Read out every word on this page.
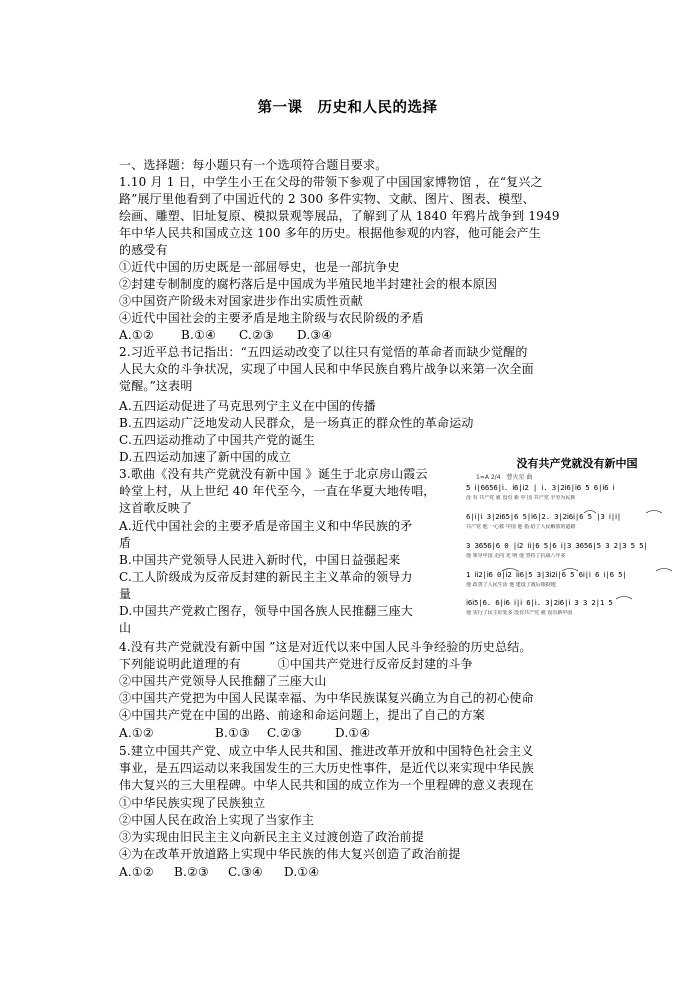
第一课　历史和人民的选择
一、选择题：每小题只有一个选项符合题目要求。
1.10 月 1 日，中学生小王在父母的带领下参观了中国国家博物馆 ，在“复兴之
路”展厅里他看到了中国近代的 2 300 多件实物、文献、图片、图表、模型、
绘画、雕塑、旧址复原、模拟景观等展品，了解到了从 1840 年鸦片战争到 1949
年中华人民共和国成立这 100 多年的历史。根据他参观的内容，他可能会产生
的感受有
①近代中国的历史既是一部屈辱史，也是一部抗争史
②封建专制制度的腐朽落后是中国成为半殖民地半封建社会的根本原因
③中国资产阶级未对国家进步作出实质性贡献
④近代中国社会的主要矛盾是地主阶级与农民阶级的矛盾
A.①② B.①④ C.②③ D.③④
2.习近平总书记指出：“五四运动改变了以往只有觉悟的革命者而缺少觉醒的
人民大众的斗争状况，实现了中国人民和中华民族自鸦片战争以来第一次全面
觉醒。”这表明
A.五四运动促进了马克思列宁主义在中国的传播
B.五四运动广泛地发动人民群众，是一场真正的群众性的革命运动
C.五四运动推动了中国共产党的诞生
D.五四运动加速了新中国的成立
3.歌曲《没有共产党就没有新中国 》诞生于北京房山霞云
岭堂上村，从上世纪 40 年代至今，一直在华夏大地传唱，
这首歌反映了
A.近代中国社会的主要矛盾是帝国主义和中华民族的矛
盾
B.中国共产党领导人民进入新时代，中国日益强起来
C.工人阶级成为反帝反封建的新民主主义革命的领导力
量
D.中国共产党救亡图存，领导中国各族人民推翻三座大
山
4.没有共产党就没有新中国 ”这是对近代以来中国人民斗争经验的历史总结。
下列能说明此道理的有　　　①中国共产党进行反帝反封建的斗争
②中国共产党领导人民推翻了三座大山
③中国共产党把为中国人民谋幸福、为中华民族谋复兴确立为自己的初心使命
④中国共产党在中国的出路、前途和命运问题上，提出了自己的方案
A.①②	B.①③ C.②③	D.①④
5.建立中国共产党、成立中华人民共和国、推进改革开放和中国特色社会主义
事业，是五四运动以来我国发生的三大历史性事件，是近代以来实现中华民族
伟大复兴的三大里程碑。中华人民共和国的成立作为一个里程碑的意义表现在
①中华民族实现了民族独立
②中国人民在政治上实现了当家作主
③为实现由旧民主主义向新民主主义过渡创造了政治前提
④为在改革开放道路上实现中华民族的伟大复兴创造了政治前提
A.①② B.②③ C.③④ D.①④
没有共产党就没有新中国
1=A 2/4　曹火星 曲
5 ⅰ|6656|ⅰ. ⅰ6|ⅰ2 | ⅰ. 3|2ⅰ6|ⅰ6 5 6|ⅰ6 ⅰ
没 有 共产党 就 没有 新 中 国 共产党 辛劳为民族
6|ⅰ|ⅰ 3|2ⅰ65|6 5|ⅰ6|2. 3|2ⅰ6ⅰ|6 5 |3 ⅰ|ⅰ|
共产党 他 一心救 中国 他 指 给了人民解放的道路
3 3656|6 0 |ⅰ2 ⅰⅰ|6 5|6 ⅰ|3 3656|5 3 2|3 5 5|
他 领导中国 走向 光 明 他 坚持了抗战八年多
1 ⅰⅰ2|ⅰ6 0|ⅰ2 ⅰⅰ6|5 3|3ⅰ2ⅰ|6 5 6ⅰ|ⅰ 6 ⅰ|6 5|
他 改善了人民生活 他 建设了敌后根据地
ⅰ6ⅰ5|6. 6|ⅰ6 ⅰ|ⅰ 6|ⅰ. 3|2ⅰ6|ⅰ 3 3 2|1 5
他 实行了民主好处多 没有共产党 就 没有新中国
